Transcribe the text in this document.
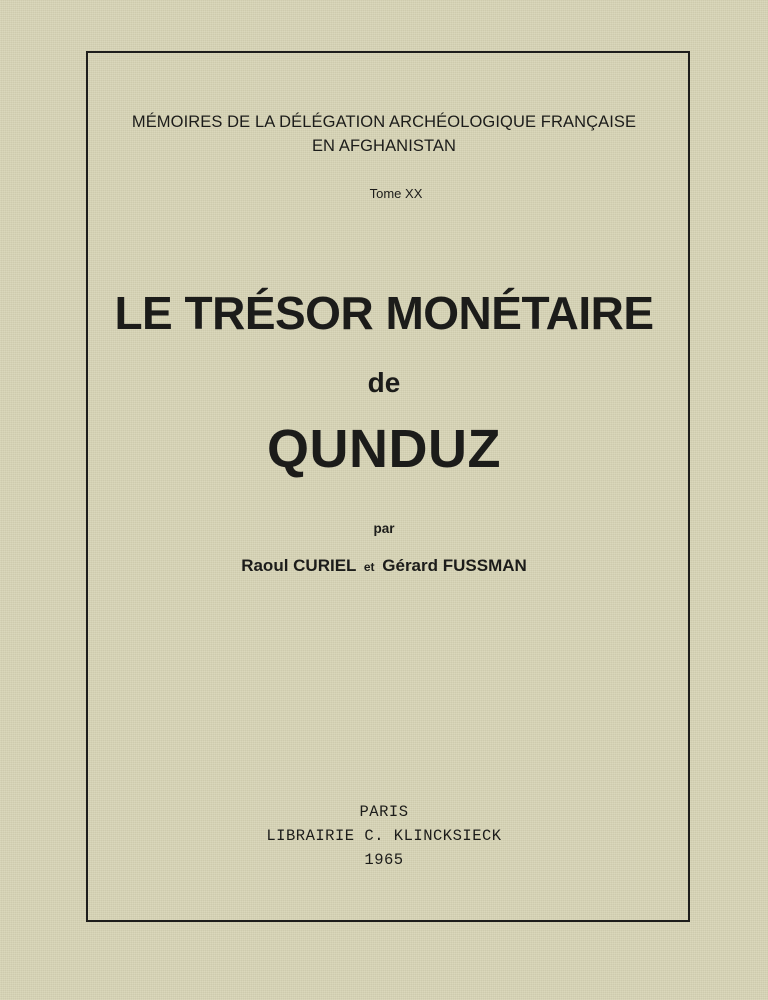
MÉMOIRES DE LA DÉLÉGATION ARCHÉOLOGIQUE FRANÇAISE
EN AFGHANISTAN
Tome XX
LE TRÉSOR MONÉTAIRE
de
QUNDUZ
par
Raoul CURIEL et Gérard FUSSMAN
PARIS
LIBRAIRIE C. KLINCKSIECK
1965
